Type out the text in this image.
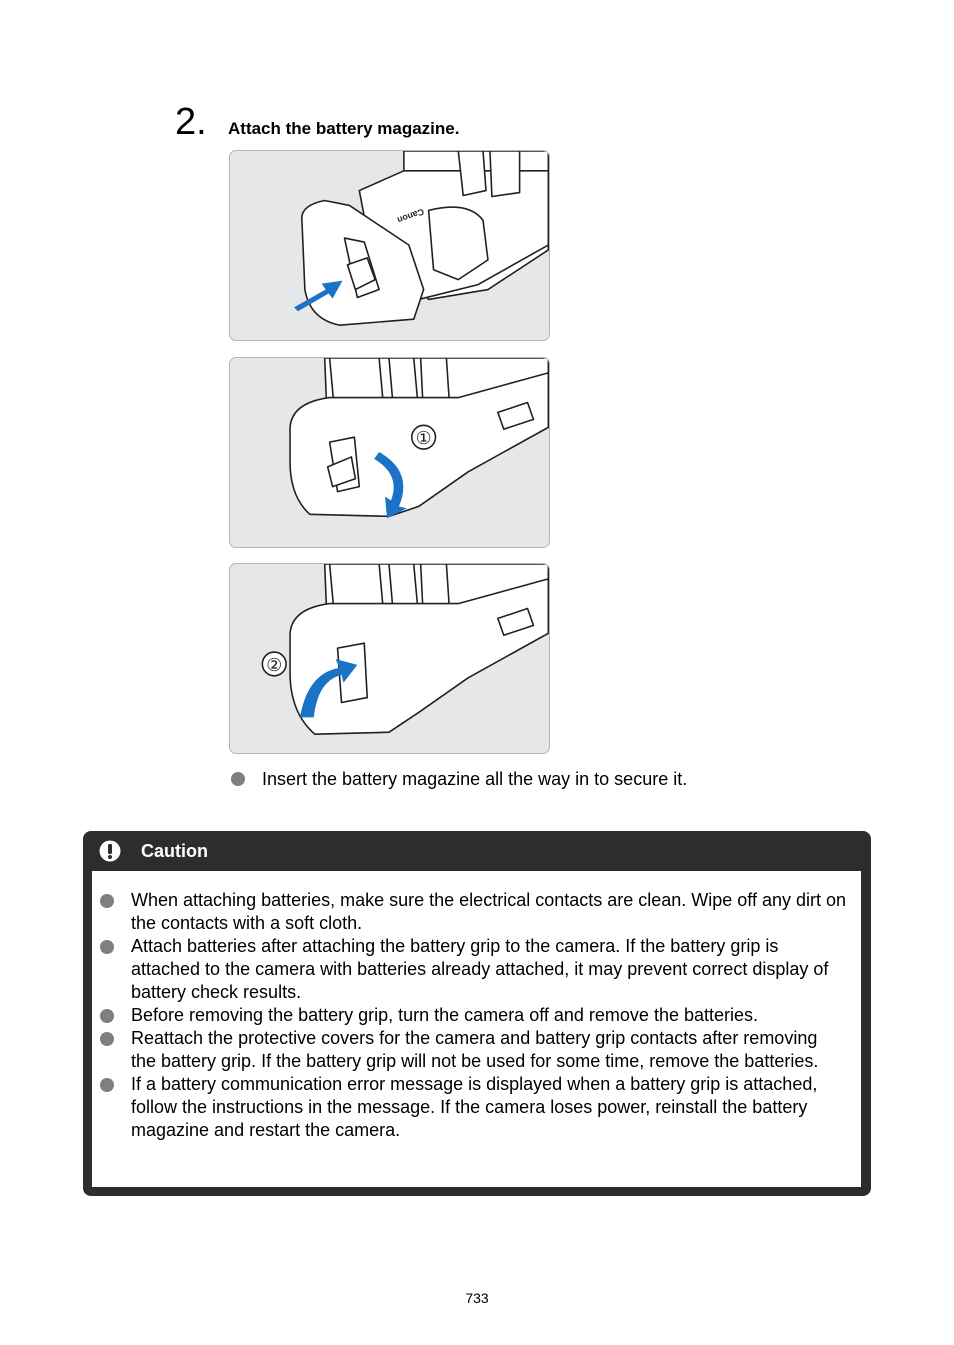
2. Attach the battery magazine.
Canon
①
②
Insert the battery magazine all the way in to secure it.
Caution
When attaching batteries, make sure the electrical contacts are clean. Wipe off any dirt on the contacts with a soft cloth.
Attach batteries after attaching the battery grip to the camera. If the battery grip is attached to the camera with batteries already attached, it may prevent correct display of battery check results.
Before removing the battery grip, turn the camera off and remove the batteries.
Reattach the protective covers for the camera and battery grip contacts after removing the battery grip. If the battery grip will not be used for some time, remove the batteries.
If a battery communication error message is displayed when a battery grip is attached, follow the instructions in the message. If the camera loses power, reinstall the battery magazine and restart the camera.
733
